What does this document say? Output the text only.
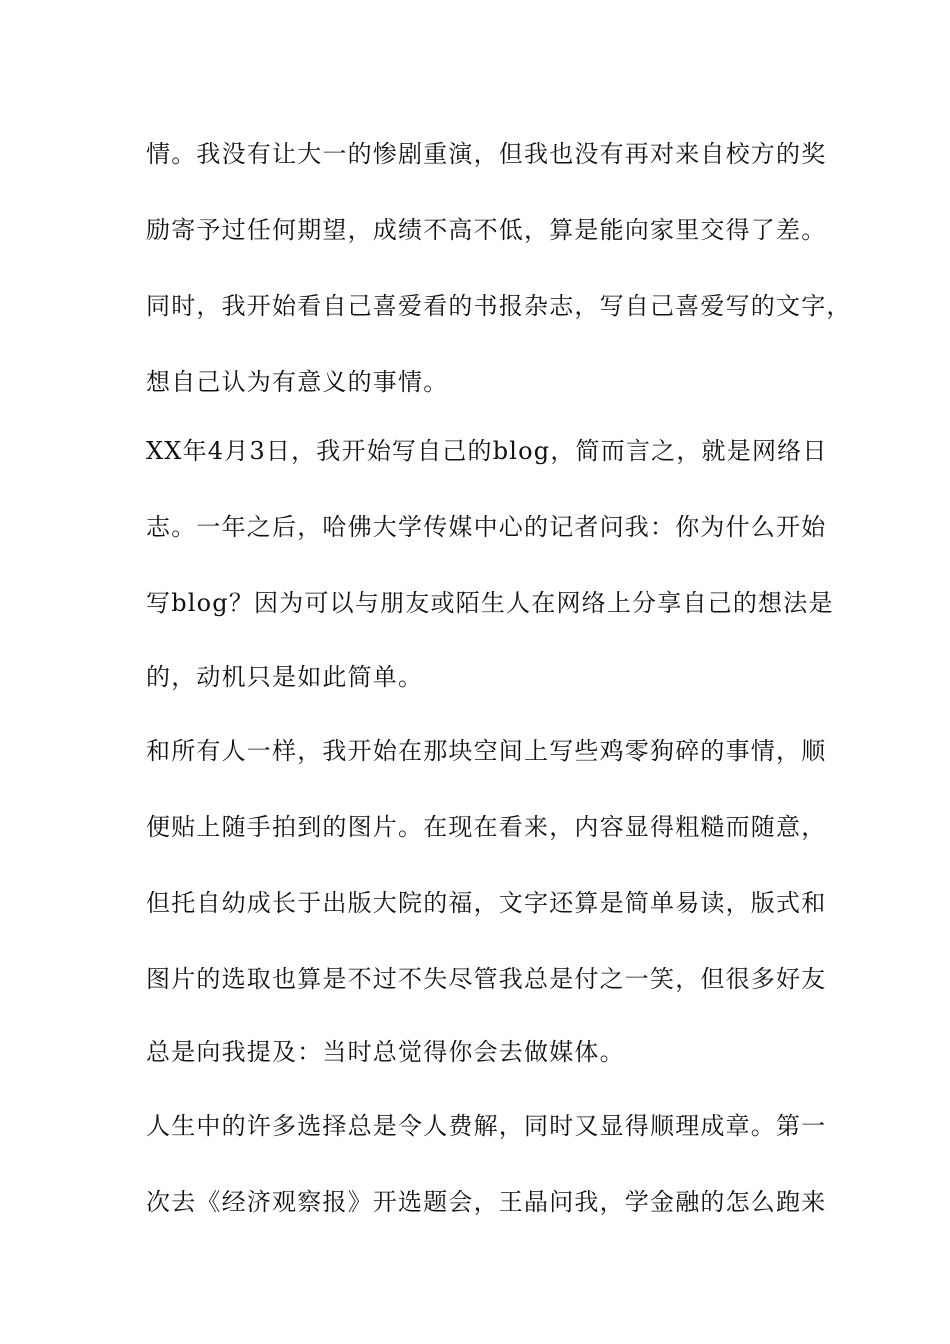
情。我没有让大一的惨剧重演，但我也没有再对来自校方的奖
励寄予过任何期望，成绩不高不低，算是能向家里交得了差。
同时，我开始看自己喜爱看的书报杂志，写自己喜爱写的文字，
想自己认为有意义的事情。
XX年4月3日，我开始写自己的blog，简而言之，就是网络日
志。一年之后，哈佛大学传媒中心的记者问我：你为什么开始
写blog？因为可以与朋友或陌生人在网络上分享自己的想法是
的，动机只是如此简单。
和所有人一样，我开始在那块空间上写些鸡零狗碎的事情，顺
便贴上随手拍到的图片。在现在看来，内容显得粗糙而随意，
但托自幼成长于出版大院的福，文字还算是简单易读，版式和
图片的选取也算是不过不失尽管我总是付之一笑，但很多好友
总是向我提及：当时总觉得你会去做媒体。
人生中的许多选择总是令人费解，同时又显得顺理成章。第一
次去《经济观察报》开选题会，王晶问我，学金融的怎么跑来
